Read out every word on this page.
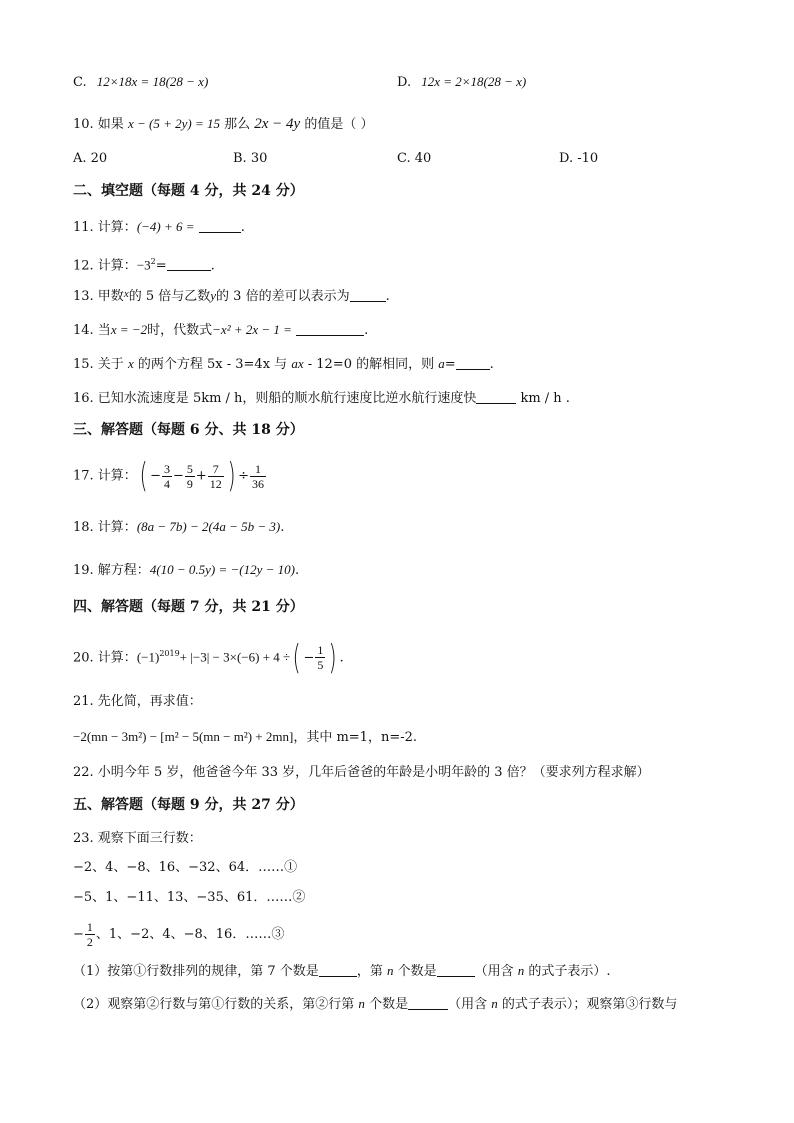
C. 12×18x = 18(28 − x)	D. 12x = 2×18(28 − x)
10. 如果 x − (5 + 2y) = 15 那么 2x − 4y 的值是（ ）
A. 20	B. 30	C. 40	D. -10
二、填空题（每题 4 分，共 24 分）
11. 计算：(−4) + 6 =	.
12. 计算：$-3^2=$	.
13. 甲数$^x$的 5 倍与乙数y的 3 倍的差可以表示为	.
14. 当x = −2时，代数式−x² + 2x − 1 =	.
15. 关于 x 的两个方程 5x - 3=4x 与 ax - 12=0 的解相同，则 a=	.
16. 已知水流速度是 5km / h，则船的顺水航行速度比逆水航行速度快	km / h .
三、解答题（每题 6 分、共 18 分）
17. 计算：( − $\frac{3}{4} - \frac{5}{9} + \frac{7}{12}$ ) ÷ $\frac{1}{36}$
18. 计算：(8a − 7b) − 2(4a − 5b − 3).
19. 解方程：4(10 − 0.5y) = −(12y − 10).
四、解答题（每题 7 分，共 21 分）
20. 计算：$(-1)^{2019}+ |-3| - 3\times(-6) + 4$ ÷( − $\frac{1}{5}$ ) .
21. 先化简，再求值：
−2(mn − 3m²) − [m² − 5(mn − m²) + 2mn]，其中 m=1，n=-2.
22. 小明今年 5 岁，他爸爸今年 33 岁，几年后爸爸的年龄是小明年龄的 3 倍？（要求列方程求解）
五、解答题（每题 9 分，共 27 分）
23. 观察下面三行数：
−2、4、−8、16、−32、64．……①
−5、1、−11、13、−35、61．……②
− $\frac{1}{2}$ 、1、−2、4、−8、16．……③
（1）按第①行数排列的规律，第 7 个数是	，第 n 个数是	（用含 n 的式子表示）.
（2）观察第②行数与第①行数的关系，第②行第 n 个数是	（用含 n 的式子表示）；观察第③行数与
